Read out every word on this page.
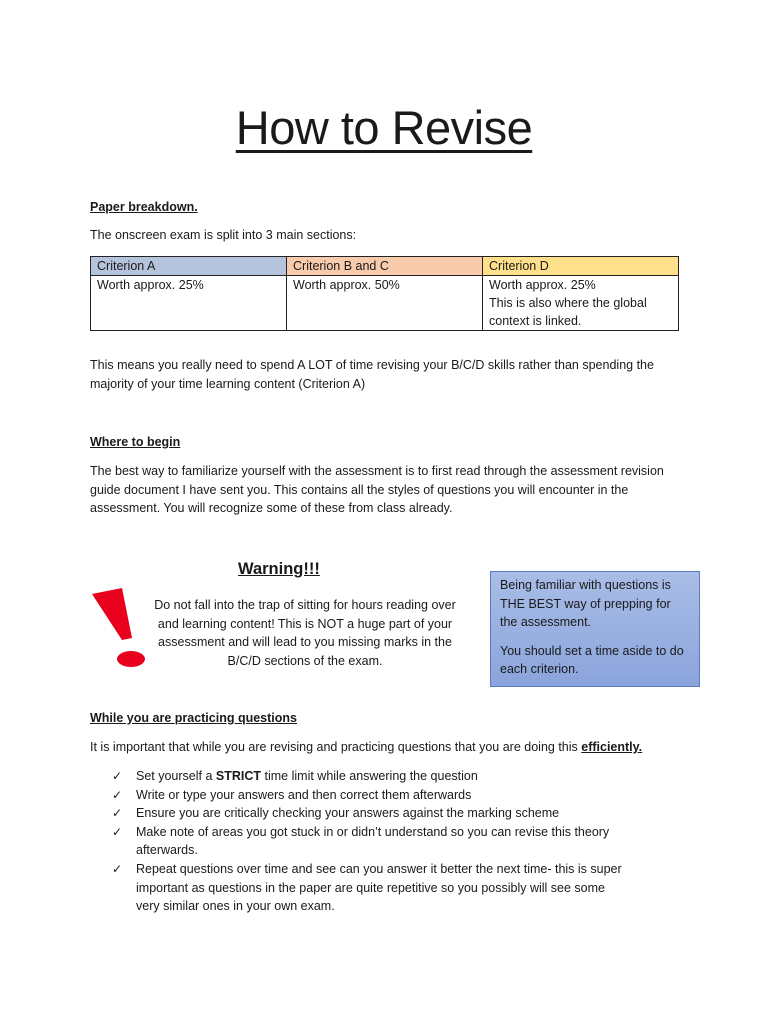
How to Revise

Paper breakdown.

The onscreen exam is split into 3 main sections:

Criterion A	Criterion B and C	Criterion D

Worth approx. 25%	Worth approx. 50%	Worth approx. 25%
This is also where the global context is linked.
This means you really need to spend A LOT of time revising your B/C/D skills rather than spending the
majority of your time learning content (Criterion A)

Where to begin

The best way to familiarize yourself with the assessment is to first read through the assessment revision
guide document I have sent you. This contains all the styles of questions you will encounter in the
assessment. You will recognize some of these from class already.
Warning!!!
Do not fall into the trap of sitting for hours reading over
and learning content! This is NOT a huge part of your
assessment and will lead to you missing marks in the
B/C/D sections of the exam.

Being familiar with questions is THE BEST way of prepping for the assessment.

You should set a time aside to do each criterion.

While you are practicing questions

It is important that while you are revising and practicing questions that you are doing this efficiently.

✓ Set yourself a STRICT time limit while answering the question
✓ Write or type your answers and then correct them afterwards
✓ Ensure you are critically checking your answers against the marking scheme
✓ Make note of areas you got stuck in or didn’t understand so you can revise this theory afterwards.
✓ Repeat questions over time and see can you answer it better the next time- this is super important as questions in the paper are quite repetitive so you possibly will see some very similar ones in your own exam.
